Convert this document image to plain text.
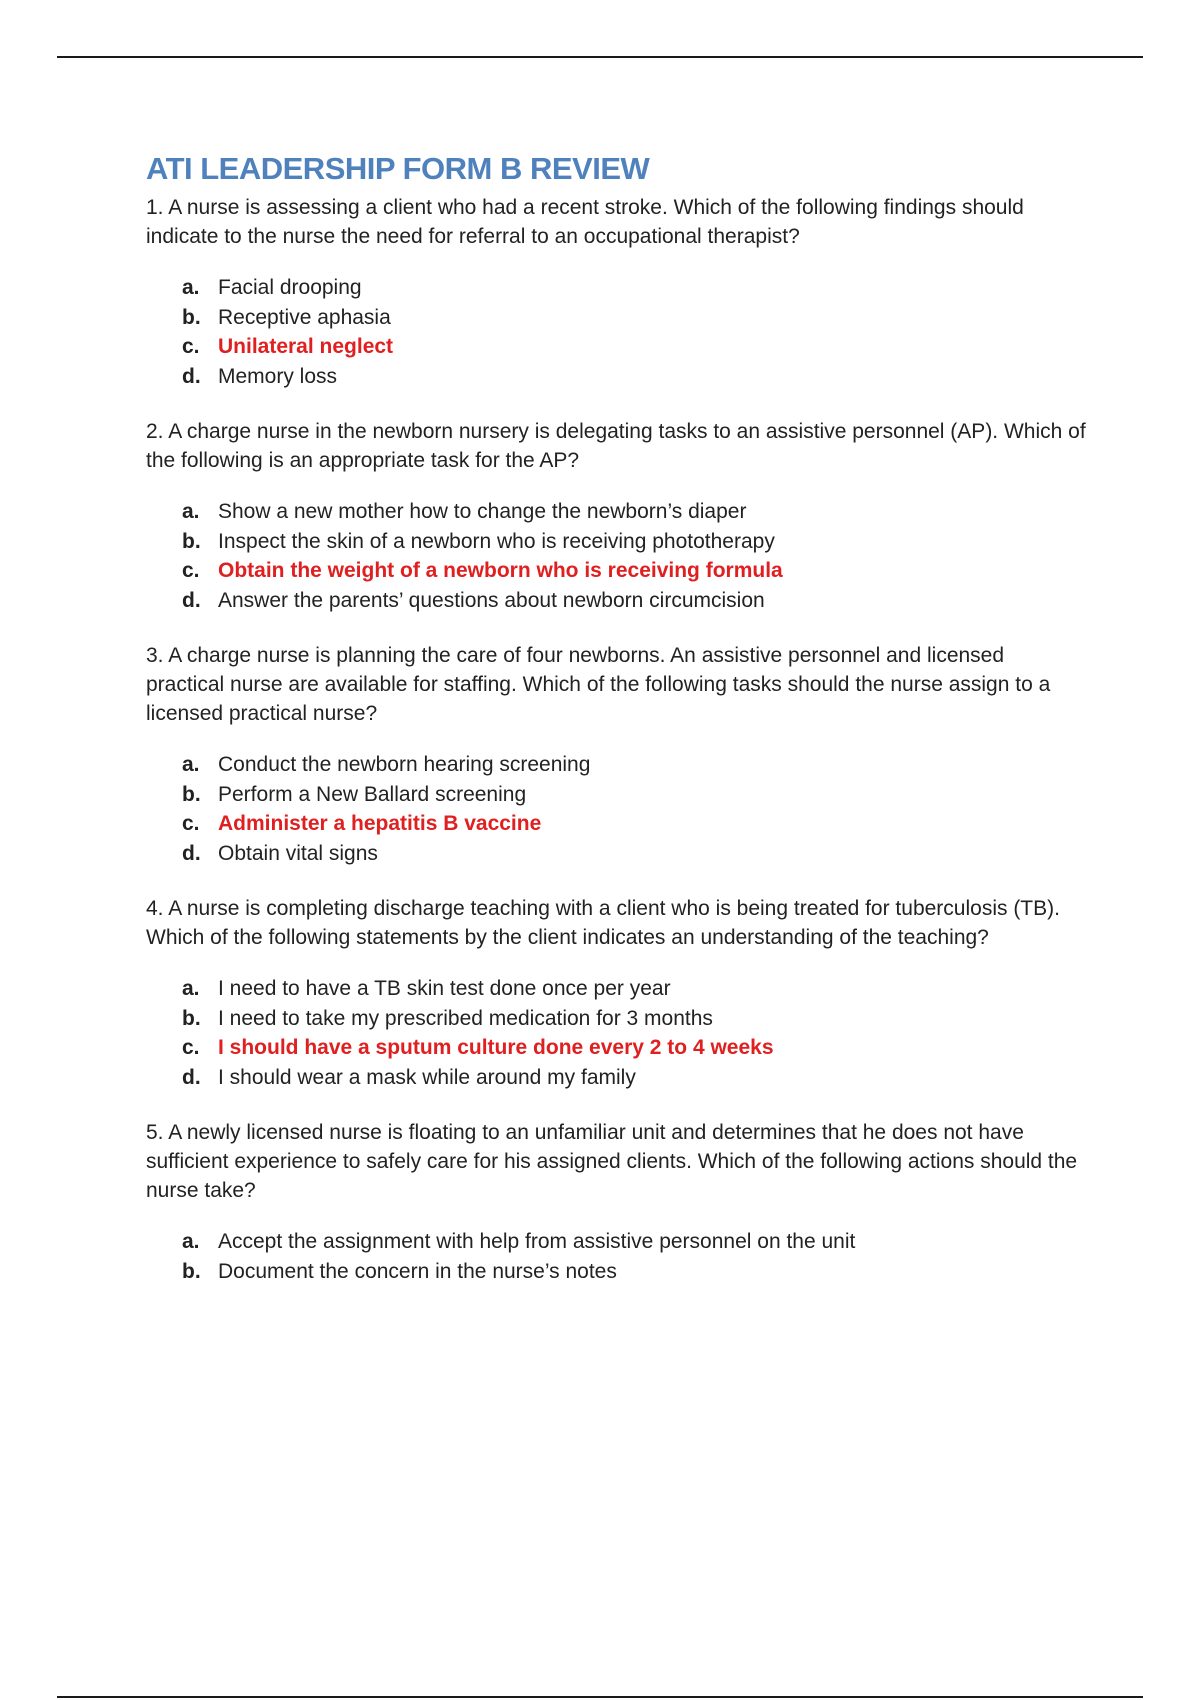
ATI LEADERSHIP FORM B REVIEW

1. A nurse is assessing a client who had a recent stroke. Which of the following findings should indicate to the nurse the need for referral to an occupational therapist?

a. Facial drooping
b. Receptive aphasia
c. Unilateral neglect
d. Memory loss

2. A charge nurse in the newborn nursery is delegating tasks to an assistive personnel (AP). Which of the following is an appropriate task for the AP?

a. Show a new mother how to change the newborn’s diaper
b. Inspect the skin of a newborn who is receiving phototherapy
c. Obtain the weight of a newborn who is receiving formula
d. Answer the parents’ questions about newborn circumcision

3. A charge nurse is planning the care of four newborns. An assistive personnel and licensed practical nurse are available for staffing. Which of the following tasks should the nurse assign to a licensed practical nurse?

a. Conduct the newborn hearing screening
b. Perform a New Ballard screening
c. Administer a hepatitis B vaccine
d. Obtain vital signs

4. A nurse is completing discharge teaching with a client who is being treated for tuberculosis (TB). Which of the following statements by the client indicates an understanding of the teaching?

a. I need to have a TB skin test done once per year
b. I need to take my prescribed medication for 3 months
c. I should have a sputum culture done every 2 to 4 weeks
d. I should wear a mask while around my family

5. A newly licensed nurse is floating to an unfamiliar unit and determines that he does not have sufficient experience to safely care for his assigned clients. Which of the following actions should the nurse take?

a. Accept the assignment with help from assistive personnel on the unit
b. Document the concern in the nurse’s notes
